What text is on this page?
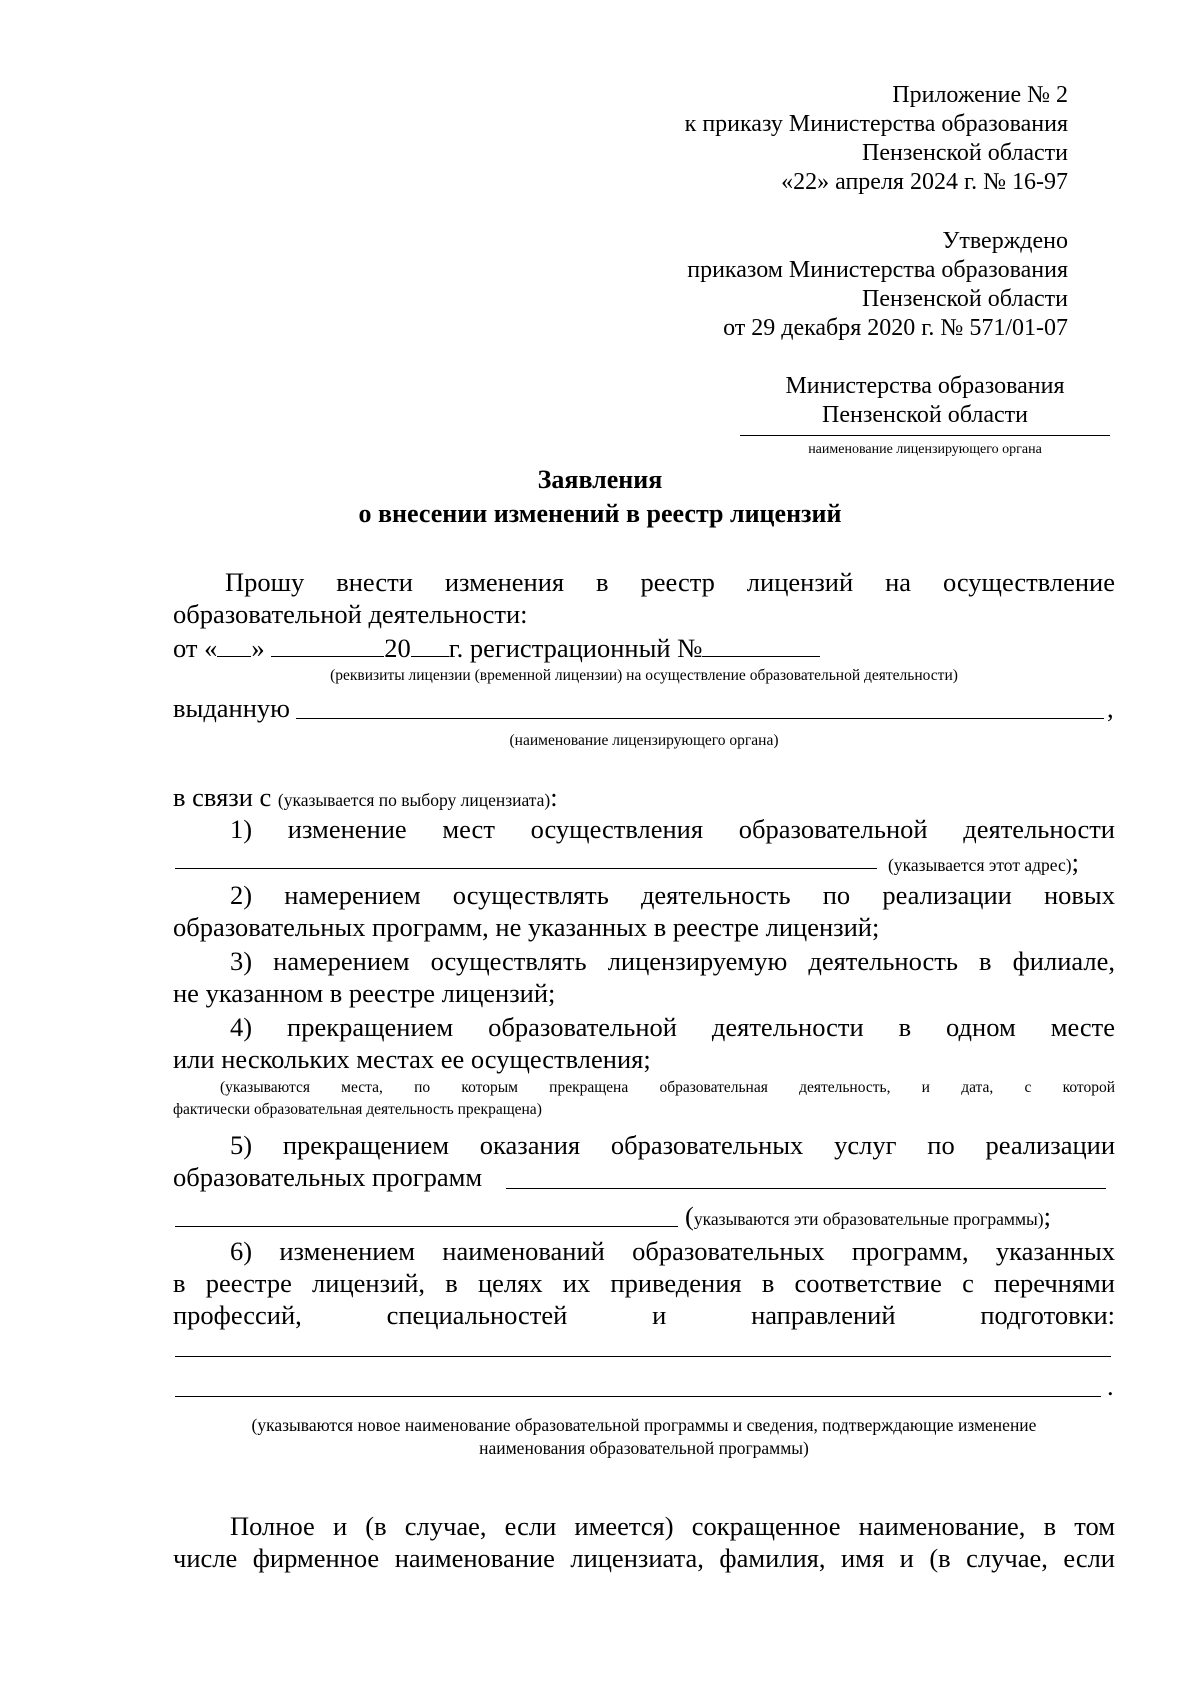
Приложение № 2
к приказу Министерства образования
Пензенской области
«22» апреля 2024 г. № 16-97
Утверждено
приказом Министерства образования
Пензенской области
от 29 декабря 2020 г. № 571/01-07
Министерства образования
Пензенской области
наименование лицензирующего органа
Заявления
о внесении изменений в реестр лицензий
Прошу внести изменения в реестр лицензий на осуществление
образовательной деятельности:
от « »	20 г. регистрационный №
(реквизиты лицензии (временной лицензии) на осуществление образовательной деятельности)
выданную	,
(наименование лицензирующего органа)
в связи с (указывается по выбору лицензиата):
1) изменение мест осуществления образовательной деятельности
(указывается этот адрес);
2) намерением осуществлять деятельность по реализации новых
образовательных программ, не указанных в реестре лицензий;
3) намерением осуществлять лицензируемую деятельность в филиале,
не указанном в реестре лицензий;
4) прекращением образовательной деятельности в одном месте
или нескольких местах ее осуществления;
(указываются места, по которым прекращена образовательная деятельность, и дата, с которой
фактически образовательная деятельность прекращена)
5) прекращением оказания образовательных услуг по реализации
образовательных программ
(указываются эти образовательные программы);
6) изменением наименований образовательных программ, указанных
в реестре лицензий, в целях их приведения в соответствие с перечнями
профессий, специальностей и направлений подготовки:
.
(указываются новое наименование образовательной программы и сведения, подтверждающие изменение
наименования образовательной программы)
Полное и (в случае, если имеется) сокращенное наименование, в том
числе фирменное наименование лицензиата, фамилия, имя и (в случае, если
